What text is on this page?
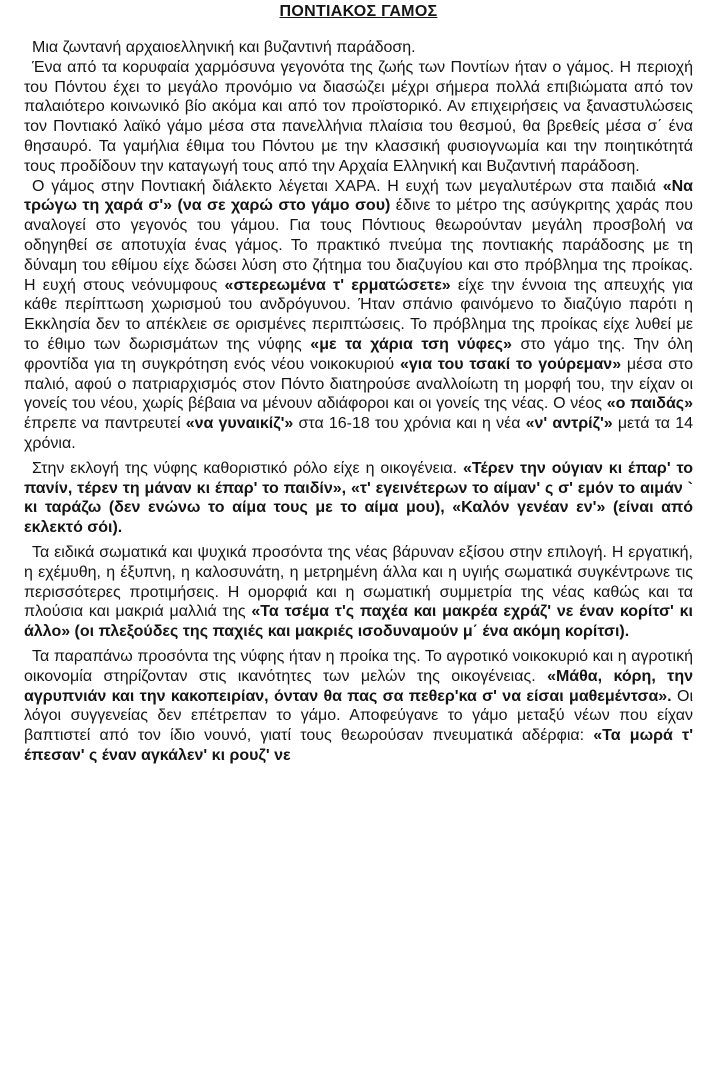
ΠΟΝΤΙΑΚΟΣ ΓΑΜΟΣ

Μια ζωντανή αρχαιοελληνική και βυζαντινή παράδοση.

Ένα από τα κορυφαία χαρμόσυνα γεγονότα της ζωής των Ποντίων ήταν ο γάμος. Η περιοχή του Πόντου έχει το μεγάλο προνόμιο να διασώζει μέχρι σήμερα πολλά επιβιώματα από τον παλαιότερο κοινωνικό βίο ακόμα και από τον προϊστορικό. Αν επιχειρήσεις να ξαναστυλώσεις τον Ποντιακό λαϊκό γάμο μέσα στα πανελλήνια πλαίσια του θεσμού, θα βρεθείς μέσα σ΄ ένα θησαυρό. Τα γαμήλια έθιμα του Πόντου με την κλασσική φυσιογνωμία και την ποιητικότητά τους προδίδουν την καταγωγή τους από την Αρχαία Ελληνική και Βυζαντινή παράδοση.

Ο γάμος στην Ποντιακή διάλεκτο λέγεται ΧΑΡΑ. Η ευχή των μεγαλυτέρων στα παιδιά «Να τρώγω τη χαρά σ'» (να σε χαρώ στο γάμο σου) έδινε το μέτρο της ασύγκριτης χαράς που αναλογεί στο γεγονός του γάμου. Για τους Πόντιους θεωρούνταν μεγάλη προσβολή να οδηγηθεί σε αποτυχία ένας γάμος. Το πρακτικό πνεύμα της ποντιακής παράδοσης με τη δύναμη του εθίμου είχε δώσει λύση στο ζήτημα του διαζυγίου και στο πρόβλημα της προίκας. Η ευχή στους νεόνυμφους «στερεωμένα τ' ερματώσετε» είχε την έννοια της απευχής για κάθε περίπτωση χωρισμού του ανδρόγυνου. Ήταν σπάνιο φαινόμενο το διαζύγιο παρότι η Εκκλησία δεν το απέκλειε σε ορισμένες περιπτώσεις. Το πρόβλημα της προίκας είχε λυθεί με το έθιμο των δωρισμάτων της νύφης «με τα χάρια τση νύφες» στο γάμο της. Την όλη φροντίδα για τη συγκρότηση ενός νέου νοικοκυριού «για του τσακί το γούρεμαν» μέσα στο παλιό, αφού ο πατριαρχισμός στον Πόντο διατηρούσε αναλλοίωτη τη μορφή του, την είχαν οι γονείς του νέου, χωρίς βέβαια να μένουν αδιάφοροι και οι γονείς της νέας. Ο νέος «ο παιδάς» έπρεπε να παντρευτεί «να γυναικίζ'» στα 16-18 του χρόνια και η νέα «ν' αντρίζ'» μετά τα 14 χρόνια.

Στην εκλογή της νύφης καθοριστικό ρόλο είχε η οικογένεια. «Τέρεν την ούγιαν κι έπαρ' το πανίν, τέρεν τη μάναν κι έπαρ' το παιδίν», «τ' εγεινέτερων το αίμαν' ς σ' εμόν το αιμάν ` κι ταράζω (δεν ενώνω το αίμα τους με το αίμα μου), «Καλόν γενέαν εν'» (είναι από εκλεκτό σόι).

Τα ειδικά σωματικά και ψυχικά προσόντα της νέας βάρυναν εξίσου στην επιλογή. Η εργατική, η εχέμυθη, η έξυπνη, η καλοσυνάτη, η μετρημένη άλλα και η υγιής σωματικά συγκέντρωνε τις περισσότερες προτιμήσεις. Η ομορφιά και η σωματική συμμετρία της νέας καθώς και τα πλούσια και μακριά μαλλιά της «Τα τσέμα τ'ς παχέα και μακρέα εχράζ' νε έναν κορίτσ' κι άλλο» (οι πλεξούδες της παχιές και μακριές ισοδυναμούν μ΄ ένα ακόμη κορίτσι).

Τα παραπάνω προσόντα της νύφης ήταν η προίκα της. Το αγροτικό νοικοκυριό και η αγροτική οικονομία στηρίζονταν στις ικανότητες των μελών της οικογένειας. «Μάθα, κόρη, την αγρυπνιάν και την κακοπειρίαν, όνταν θα πας σα πεθερ'κα σ' να είσαι μαθεμέντσα». Οι λόγοι συγγενείας δεν επέτρεπαν το γάμο. Αποφεύγανε το γάμο μεταξύ νέων που είχαν βαπτιστεί από τον ίδιο νουνό, γιατί τους θεωρούσαν πνευματικά αδέρφια: «Τα μωρά τ' έπεσαν' ς έναν αγκάλεν' κι ρουζ' νε
